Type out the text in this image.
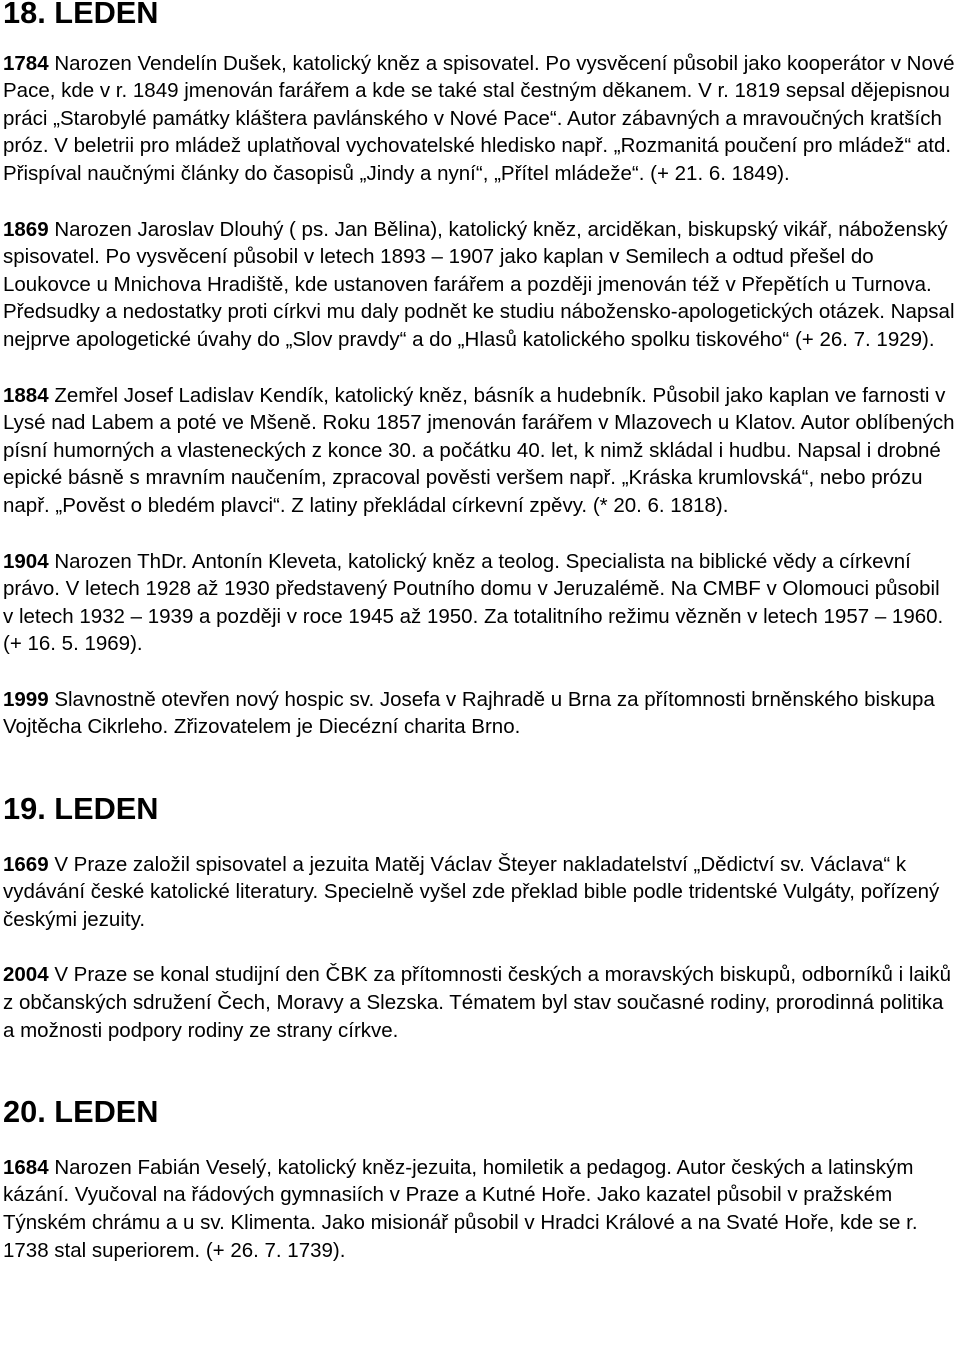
18. LEDEN

1784 Narozen Vendelín Dušek, katolický kněz a spisovatel. Po vysvěcení působil jako kooperátor v Nové Pace, kde v r. 1849 jmenován farářem a kde se také stal čestným děkanem. V r. 1819 sepsal dějepisnou práci „Starobylé památky kláštera pavlánského v Nové Pace“. Autor zábavných a mravoučných kratších próz. V beletrii pro mládež uplatňoval vychovatelské hledisko např. „Rozmanitá poučení pro mládež“ atd. Přispíval naučnými články do časopisů „Jindy a nyní“, „Přítel mládeže“. (+ 21. 6. 1849).

1869 Narozen Jaroslav Dlouhý ( ps. Jan Bělina), katolický kněz, arciděkan, biskupský vikář, náboženský spisovatel. Po vysvěcení působil v letech 1893 – 1907 jako kaplan v Semilech a odtud přešel do Loukovce u Mnichova Hradiště, kde ustanoven farářem a později jmenován též v Přepětích u Turnova. Předsudky a nedostatky proti církvi mu daly podnět ke studiu nábožensko-apologetických otázek. Napsal nejprve apologetické úvahy do „Slov pravdy“ a do „Hlasů katolického spolku tiskového“ (+ 26. 7. 1929).

1884 Zemřel Josef Ladislav Kendík, katolický kněz, básník a hudebník. Působil jako kaplan ve farnosti v Lysé nad Labem a poté ve Mšeně. Roku 1857 jmenován farářem v Mlazovech u Klatov. Autor oblíbených písní humorných a vlasteneckých z konce 30. a počátku 40. let, k nimž skládal i hudbu. Napsal i drobné epické básně s mravním naučením, zpracoval pověsti veršem např. „Kráska krumlovská“, nebo prózu např. „Pověst o bledém plavci“. Z latiny překládal církevní zpěvy. (* 20. 6. 1818).

1904 Narozen ThDr. Antonín Kleveta, katolický kněz a teolog. Specialista na biblické vědy a církevní právo. V letech 1928 až 1930 představený Poutního domu v Jeruzalémě. Na CMBF v Olomouci působil v letech 1932 – 1939 a později v roce 1945 až 1950. Za totalitního režimu vězněn v letech 1957 – 1960. (+ 16. 5. 1969).

1999 Slavnostně otevřen nový hospic sv. Josefa v Rajhradě u Brna za přítomnosti brněnského biskupa Vojtěcha Cikrleho. Zřizovatelem je Diecézní charita Brno.

19. LEDEN

1669 V Praze založil spisovatel a jezuita Matěj Václav Šteyer nakladatelství „Dědictví sv. Václava“ k vydávání české katolické literatury. Specielně vyšel zde překlad bible podle tridentské Vulgáty, pořízený českými jezuity.

2004 V Praze se konal studijní den ČBK za přítomnosti českých a moravských biskupů, odborníků i laiků z občanských sdružení Čech, Moravy a Slezska. Tématem byl stav současné rodiny, prorodinná politika a možnosti podpory rodiny ze strany církve.

20. LEDEN

1684 Narozen Fabián Veselý, katolický kněz-jezuita, homiletik a pedagog. Autor českých a latinským kázání. Vyučoval na řádových gymnasiích v Praze a Kutné Hoře. Jako kazatel působil v pražském Týnském chrámu a u sv. Klimenta. Jako misionář působil v Hradci Králové a na Svaté Hoře, kde se r. 1738 stal superiorem. (+ 26. 7. 1739).
